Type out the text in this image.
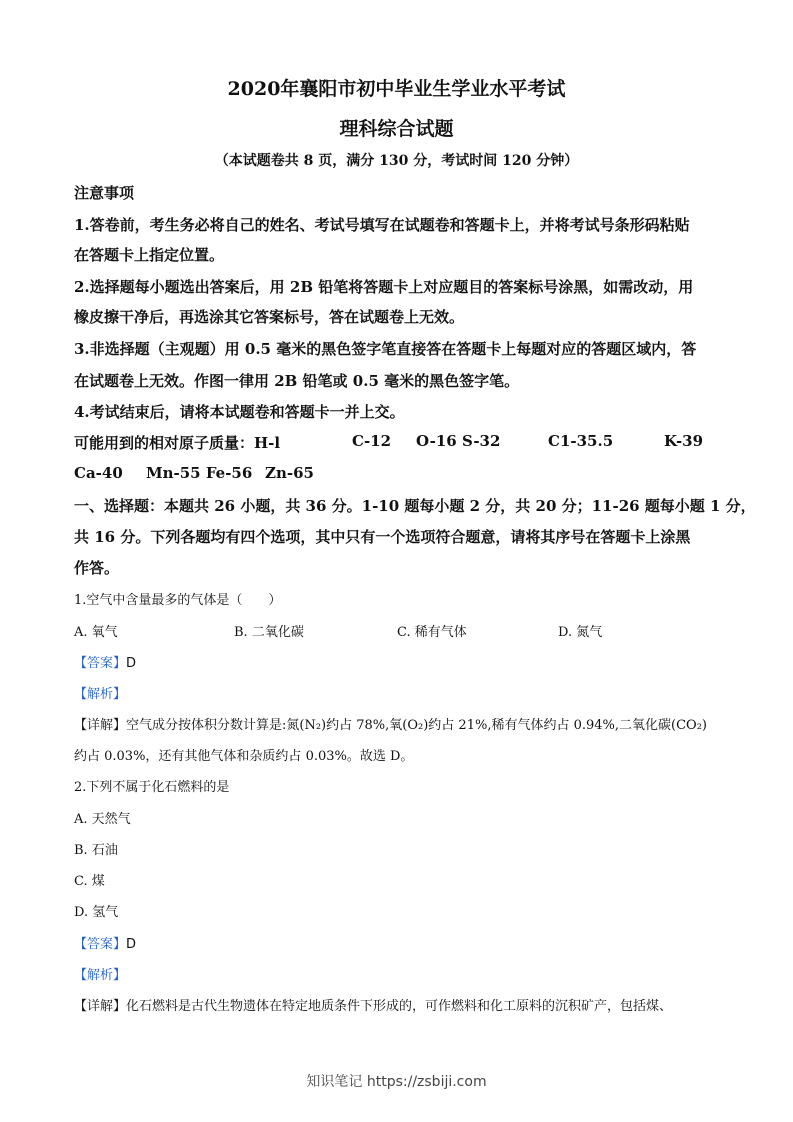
2020年襄阳市初中毕业生学业水平考试
理科综合试题
（本试题卷共 8 页，满分 130 分，考试时间 120 分钟）
注意事项
1.答卷前，考生务必将自己的姓名、考试号填写在试题卷和答题卡上，并将考试号条形码粘贴
在答题卡上指定位置。
2.选择题每小题选出答案后，用 2B 铅笔将答题卡上对应题目的答案标号涂黑，如需改动，用
橡皮擦干净后，再选涂其它答案标号，答在试题卷上无效。
3.非选择题（主观题）用 0.5 毫米的黑色签字笔直接答在答题卡上每题对应的答题区域内，答
在试题卷上无效。作图一律用 2B 铅笔或 0.5 毫米的黑色签字笔。
4.考试结束后，请将本试题卷和答题卡一并上交。
可能用到的相对原子质量：H-l	C-12 O-16 S-32	C1-35.5	K-39
Ca-40 Mn-55 Fe-56 Zn-65
一、选择题：本题共 26 小题，共 36 分。1-10 题每小题 2 分，共 20 分；11-26 题每小题 1 分，
共 16 分。下列各题均有四个选项，其中只有一个选项符合题意，请将其序号在答题卡上涂黑
作答。
1.空气中含量最多的气体是（　　）
A. 氧气	B. 二氧化碳	C. 稀有气体	D. 氮气
【答案】D
【解析】
【详解】空气成分按体积分数计算是:氮(N₂)约占 78%,氧(O₂)约占 21%,稀有气体约占 0.94%,二氧化碳(CO₂)
约占 0.03%，还有其他气体和杂质约占 0.03%。故选 D。
2.下列不属于化石燃料的是
A. 天然气
B. 石油
C. 煤
D. 氢气
【答案】D
【解析】
【详解】化石燃料是古代生物遗体在特定地质条件下形成的，可作燃料和化工原料的沉积矿产，包括煤、
知识笔记 https://zsbiji.com
